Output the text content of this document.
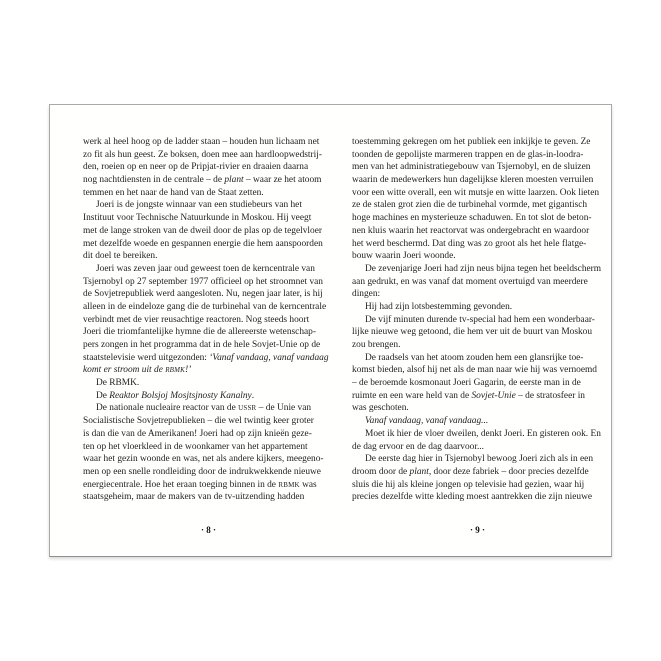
werk al heel hoog op de ladder staan – houden hun lichaam net
zo fit als hun geest. Ze boksen, doen mee aan hardloopwedstrij-
den, roeien op en neer op de Pripjat-rivier en draaien daarna
nog nachtdiensten in de centrale – de plant – waar ze het atoom
temmen en het naar de hand van de Staat zetten.
Joeri is de jongste winnaar van een studiebeurs van het
Instituut voor Technische Natuurkunde in Moskou. Hij veegt
met de lange stroken van de dweil door de plas op de tegelvloer
met dezelfde woede en gespannen energie die hem aanspoorden
dit doel te bereiken.
Joeri was zeven jaar oud geweest toen de kerncentrale van
Tsjernobyl op 27 september 1977 officieel op het stroomnet van
de Sovjetrepubliek werd aangesloten. Nu, negen jaar later, is hij
alleen in de eindeloze gang die de turbinehal van de kerncentrale
verbindt met de vier reusachtige reactoren. Nog steeds hoort
Joeri die triomfantelijke hymne die de allereerste wetenschap-
pers zongen in het programma dat in de hele Sovjet-Unie op de
staatstelevisie werd uitgezonden: ‘Vanaf vandaag, vanaf vandaag
komt er stroom uit de rbmk!’
De RBMK.
De Reaktor Bolsjoj Mosjtsjnosty Kanalny.
De nationale nucleaire reactor van de ussr – de Unie van
Socialistische Sovjetrepublieken – die wel twintig keer groter
is dan die van de Amerikanen! Joeri had op zijn knieën geze-
ten op het vloerkleed in de woonkamer van het appartement
waar het gezin woonde en was, net als andere kijkers, meegeno-
men op een snelle rondleiding door de indrukwekkende nieuwe
energiecentrale. Hoe het eraan toeging binnen in de rbmk was
staatsgeheim, maar de makers van de tv-uitzending hadden
· 8 ·
toestemming gekregen om het publiek een inkijkje te geven. Ze
toonden de gepolijste marmeren trappen en de glas-in-loodra-
men van het administratiegebouw van Tsjernobyl, en de sluizen
waarin de medewerkers hun dagelijkse kleren moesten verruilen
voor een witte overall, een wit mutsje en witte laarzen. Ook lieten
ze de stalen grot zien die de turbinehal vormde, met gigantisch
hoge machines en mysterieuze schaduwen. En tot slot de beton-
nen kluis waarin het reactorvat was ondergebracht en waardoor
het werd beschermd. Dat ding was zo groot als het hele flatge-
bouw waarin Joeri woonde.
De zevenjarige Joeri had zijn neus bijna tegen het beeldscherm
aan gedrukt, en was vanaf dat moment overtuigd van meerdere
dingen:
Hij had zijn lotsbestemming gevonden.
De vijf minuten durende tv-special had hem een wonderbaar-
lijke nieuwe weg getoond, die hem ver uit de buurt van Moskou
zou brengen.
De raadsels van het atoom zouden hem een glansrijke toe-
komst bieden, alsof hij net als de man naar wie hij was vernoemd
– de beroemde kosmonaut Joeri Gagarin, de eerste man in de
ruimte en een ware held van de Sovjet-Unie – de stratosfeer in
was geschoten.
Vanaf vandaag, vanaf vandaag...
Moet ik hier de vloer dweilen, denkt Joeri. En gisteren ook. En
de dag ervoor en de dag daarvoor...
De eerste dag hier in Tsjernobyl bewoog Joeri zich als in een
droom door de plant, door deze fabriek – door precies dezelfde
sluis die hij als kleine jongen op televisie had gezien, waar hij
precies dezelfde witte kleding moest aantrekken die zijn nieuwe
· 9 ·
